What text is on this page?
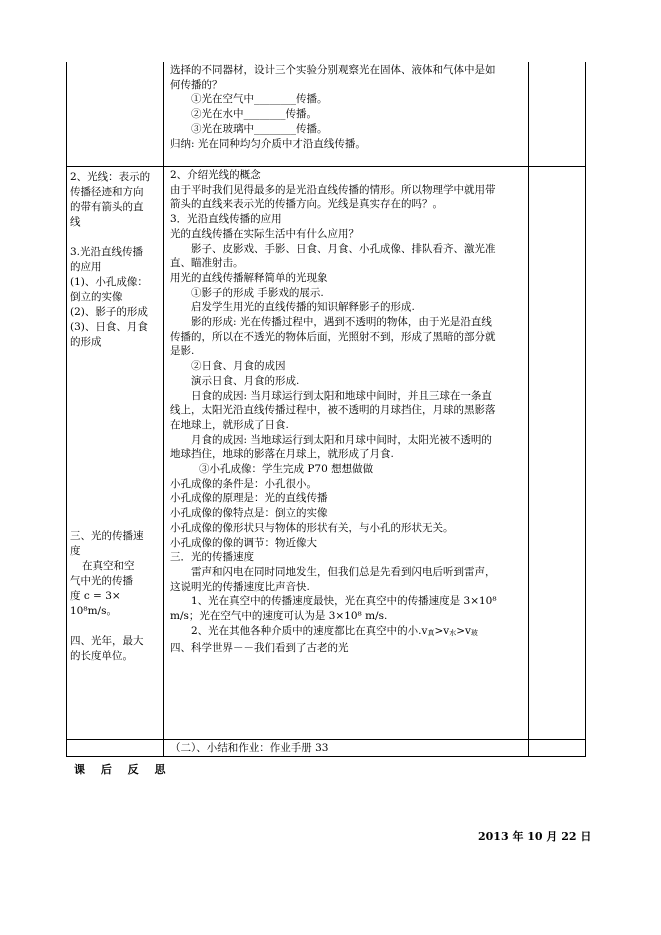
选择的不同器材，设计三个实验分别观察光在固体、液体和气体中是如

何传播的？

①光在空气中________传播。

②光在水中________传播。

③光在玻璃中________传播。

归纳: 光在同种均匀介质中才沿直线传播。

2、光线：表示的

传播径迹和方向

的带有箭头的直

线

3.光沿直线传播

的应用

(1)、小孔成像：

倒立的实像

(2)、影子的形成

(3)、日食、月食

的形成

三、光的传播速

度

在真空和空

气中光的传播

度 c = 3×

10⁸m/s。

四、光年，最大

的长度单位。

2、介绍光线的概念

由于平时我们见得最多的是光沿直线传播的情形。所以物理学中就用带

箭头的直线来表示光的传播方向。光线是真实存在的吗？。

3．光沿直线传播的应用

光的直线传播在实际生活中有什么应用？

影子、皮影戏、手影、日食、月食、小孔成像、排队看齐、激光准

直、瞄准射击。

用光的直线传播解释简单的光现象

①影子的形成 手影戏的展示.

启发学生用光的直线传播的知识解释影子的形成.

影的形成: 光在传播过程中，遇到不透明的物体，由于光是沿直线

传播的，所以在不透光的物体后面，光照射不到，形成了黑暗的部分就

是影.

②日食、月食的成因

演示日食、月食的形成.

日食的成因: 当月球运行到太阳和地球中间时，并且三球在一条直

线上，太阳光沿直线传播过程中，被不透明的月球挡住，月球的黑影落

在地球上，就形成了日食.

月食的成因: 当地球运行到太阳和月球中间时，太阳光被不透明的

地球挡住，地球的影落在月球上，就形成了月食.

③小孔成像：学生完成 P70 想想做做

小孔成像的条件是：小孔很小。

小孔成像的原理是：光的直线传播

小孔成像的像特点是：倒立的实像

小孔成像的像形状只与物体的形状有关，与小孔的形状无关。

小孔成像的像的调节：物近像大

三．光的传播速度

雷声和闪电在同时同地发生，但我们总是先看到闪电后听到雷声，

这说明光的传播速度比声音快.

1、光在真空中的传播速度最快，光在真空中的传播速度是 3×10⁸

m/s；光在空气中的速度可认为是 3×10⁸ m/s.

2、光在其他各种介质中的速度都比在真空中的小.v真>v水>v玻

四、科学世界－－我们看到了古老的光

（二）、小结和作业：作业手册 33

课 后 反 思
2013 年 10 月 22 日
